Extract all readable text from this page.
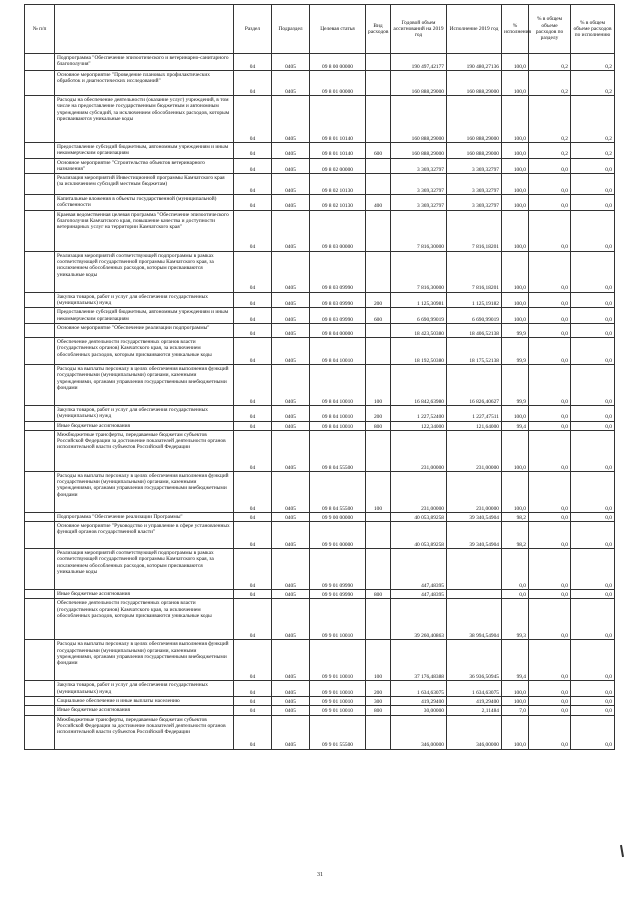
№ п/п		Раздел	Подраздел	Целевая статья	Вид расходов	Годовой объем ассигнований на 2019 год	Исполнение 2019 год	% исполнения	% в общем объеме расходов по разделу	% в общем объеме расходов по исполнению
	Подпрограмма "Обеспечение эпизоотического и ветеринарно-санитарного благополучия"	04	0405	09 8 00 00000		190 497,42177	190 480,27136	100,0	0,2	0,2
	Основное мероприятие "Проведение плановых профилактических обработок и диагностических исследований"	04	0405	09 8 01 00000		160 888,29000	160 888,29000	100,0	0,2	0,2
	Расходы на обеспечение деятельности (оказание услуг) учреждений, в том числе на предоставление государственным бюджетным и автономным учреждениям субсидий, за исключением обособленных расходов, которым присваиваются уникальные коды	04	0405	09 8 01 10140		160 888,29000	160 888,29000	100,0	0,2	0,2
	Предоставление субсидий бюджетным, автономным учреждениям и иным некоммерческим организациям	04	0405	09 8 01 10140	600	160 888,29000	160 888,29000	100,0	0,2	0,2
	Основное мероприятие "Строительство объектов ветеринарного назначения"	04	0405	09 8 02 00000		3 369,32797	3 369,32797	100,0	0,0	0,0
	Реализация мероприятий Инвестиционной программы Камчатского края (за исключением субсидий местным бюджетам)	04	0405	09 8 02 10130		3 369,32797	3 369,32797	100,0	0,0	0,0
	Капитальные вложения в объекты государственной (муниципальной) собственности	04	0405	09 8 02 10130	400	3 369,32797	3 369,32797	100,0	0,0	0,0
	Краевая ведомственная целевая программа "Обеспечение эпизоотического благополучия Камчатского края, повышение качества и доступности ветеринарных услуг на территории Камчатского края"	04	0405	09 8 03 00000		7 816,30000	7 816,18201	100,0	0,0	0,0
	Реализация мероприятий соответствующей подпрограммы в рамках соответствующей государственной программы Камчатского края, за исключением обособленных расходов, которым присваиваются уникальные коды	04	0405	09 8 03 09990		7 816,30000	7 816,18201	100,0	0,0	0,0
	Закупка товаров, работ и услуг для обеспечения государственных (муниципальных) нужд	04	0405	09 8 03 09990	200	1 125,30981	1 125,19182	100,0	0,0	0,0
	Предоставление субсидий бюджетным, автономным учреждениям и иным некоммерческим организациям	04	0405	09 8 03 09990	600	6 690,99019	6 690,99019	100,0	0,0	0,0
	Основное мероприятие "Обеспечение реализации подпрограммы"	04	0405	09 8 04 00000		18 423,50380	18 406,52138	99,9	0,0	0,0
	Обеспечение деятельности государственных органов власти (государственных органов) Камчатского края, за исключением обособленных расходов, которым присваиваются уникальные коды	04	0405	09 8 04 10010		18 192,50380	18 175,52138	99,9	0,0	0,0
	Расходы на выплаты персоналу в целях обеспечения выполнения функций государственными (муниципальными) органами, казенными учреждениями, органами управления государственными внебюджетными фондами	04	0405	09 8 04 10010	100	16 842,63980	16 826,40627	99,9	0,0	0,0
	Закупка товаров, работ и услуг для обеспечения государственных (муниципальных) нужд	04	0405	09 8 04 10010	200	1 227,52400	1 227,47511	100,0	0,0	0,0
	Иные бюджетные ассигнования	04	0405	09 8 04 10010	800	122,34000	121,64000	99,4	0,0	0,0
	Межбюджетные трансферты, передаваемые бюджетам субъектов Российской Федерации за достижение показателей деятельности органов исполнительной власти субъектов Российской Федерации	04	0405	09 8 04 55500		231,00000	231,00000	100,0	0,0	0,0
	Расходы на выплаты персоналу в целях обеспечения выполнения функций государственными (муниципальными) органами, казенными учреждениями, органами управления государственными внебюджетными фондами	04	0405	09 8 04 55500	100	231,00000	231,00000	100,0	0,0	0,0
	Подпрограмма "Обеспечение реализации Программы"	04	0405	09 9 00 00000		40 053,89258	39 340,54904	98,2	0,0	0,0
	Основное мероприятие "Руководство и управление в сфере установленных функций органов государственной власти"	04	0405	09 9 01 00000		40 053,89258	39 340,54904	98,2	0,0	0,0
	Реализация мероприятий соответствующей подпрограммы в рамках соответствующей государственной программы Камчатского края, за исключением обособленных расходов, которым присваиваются уникальные коды	04	0405	09 9 01 09990		447,48395		0,0	0,0	0,0
	Иные бюджетные ассигнования	04	0405	09 9 01 09990	800	447,48395		0,0	0,0	0,0
	Обеспечение деятельности государственных органов власти (государственных органов) Камчатского края, за исключением обособленных расходов, которым присваиваются уникальные коды	04	0405	09 9 01 10010		39 260,40863	38 994,54904	99,3	0,0	0,0
	Расходы на выплаты персоналу в целях обеспечения выполнения функций государственными (муниципальными) органами, казенными учреждениями, органами управления государственными внебюджетными фондами	04	0405	09 9 01 10010	100	37 176,48388	36 936,50945	99,4	0,0	0,0
	Закупка товаров, работ и услуг для обеспечения государственных (муниципальных) нужд	04	0405	09 9 01 10010	200	1 634,63075	1 634,63075	100,0	0,0	0,0
	Социальное обеспечение и иные выплаты населению	04	0405	09 9 01 10010	300	419,29400	419,29400	100,0	0,0	0,0
	Иные бюджетные ассигнования	04	0405	09 9 01 10010	800	30,00000	2,11484	7,0	0,0	0,0
	Межбюджетные трансферты, передаваемые бюджетам субъектов Российской Федерации за достижение показателей деятельности органов исполнительной власти субъектов Российской Федерации	04	0405	09 9 01 55500		346,00000	346,00000	100,0	0,0	0,0
31
